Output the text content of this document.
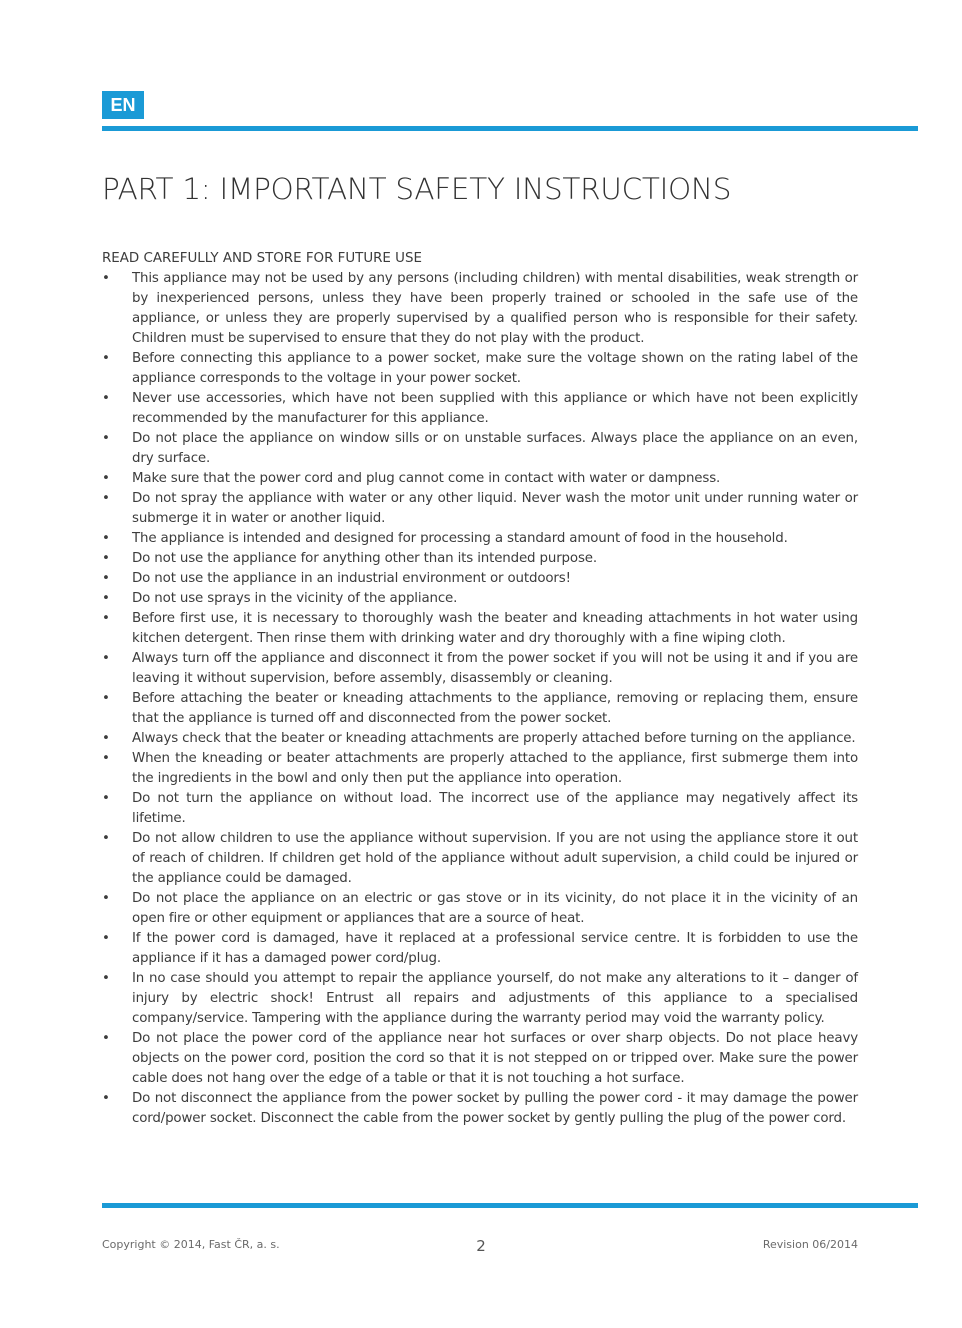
EN
PART 1: IMPORTANT SAFETY INSTRUCTIONS

READ CAREFULLY AND STORE FOR FUTURE USE

• This appliance may not be used by any persons (including children) with mental disabilities, weak strength or by inexperienced persons, unless they have been properly trained or schooled in the safe use of the appliance, or unless they are properly supervised by a qualified person who is responsible for their safety. Children must be supervised to ensure that they do not play with the product.
• Before connecting this appliance to a power socket, make sure the voltage shown on the rating label of the appliance corresponds to the voltage in your power socket.
• Never use accessories, which have not been supplied with this appliance or which have not been explicitly recommended by the manufacturer for this appliance.
• Do not place the appliance on window sills or on unstable surfaces. Always place the appliance on an even, dry surface.
• Make sure that the power cord and plug cannot come in contact with water or dampness.
• Do not spray the appliance with water or any other liquid. Never wash the motor unit under running water or submerge it in water or another liquid.
• The appliance is intended and designed for processing a standard amount of food in the household.
• Do not use the appliance for anything other than its intended purpose.
• Do not use the appliance in an industrial environment or outdoors!
• Do not use sprays in the vicinity of the appliance.
• Before first use, it is necessary to thoroughly wash the beater and kneading attachments in hot water using kitchen detergent. Then rinse them with drinking water and dry thoroughly with a fine wiping cloth.
• Always turn off the appliance and disconnect it from the power socket if you will not be using it and if you are leaving it without supervision, before assembly, disassembly or cleaning.
• Before attaching the beater or kneading attachments to the appliance, removing or replacing them, ensure that the appliance is turned off and disconnected from the power socket.
• Always check that the beater or kneading attachments are properly attached before turning on the appliance.
• When the kneading or beater attachments are properly attached to the appliance, first submerge them into the ingredients in the bowl and only then put the appliance into operation.
• Do not turn the appliance on without load. The incorrect use of the appliance may negatively affect its lifetime.
• Do not allow children to use the appliance without supervision. If you are not using the appliance store it out of reach of children. If children get hold of the appliance without adult supervision, a child could be injured or the appliance could be damaged.
• Do not place the appliance on an electric or gas stove or in its vicinity, do not place it in the vicinity of an open fire or other equipment or appliances that are a source of heat.
• If the power cord is damaged, have it replaced at a professional service centre. It is forbidden to use the appliance if it has a damaged power cord/plug.
• In no case should you attempt to repair the appliance yourself, do not make any alterations to it – danger of injury by electric shock! Entrust all repairs and adjustments of this appliance to a specialised company/service. Tampering with the appliance during the warranty period may void the warranty policy.
• Do not place the power cord of the appliance near hot surfaces or over sharp objects. Do not place heavy objects on the power cord, position the cord so that it is not stepped on or tripped over. Make sure the power cable does not hang over the edge of a table or that it is not touching a hot surface.
• Do not disconnect the appliance from the power socket by pulling the power cord - it may damage the power cord/power socket. Disconnect the cable from the power socket by gently pulling the plug of the power cord.
Copyright © 2014, Fast ČR, a. s.	2	Revision 06/2014
